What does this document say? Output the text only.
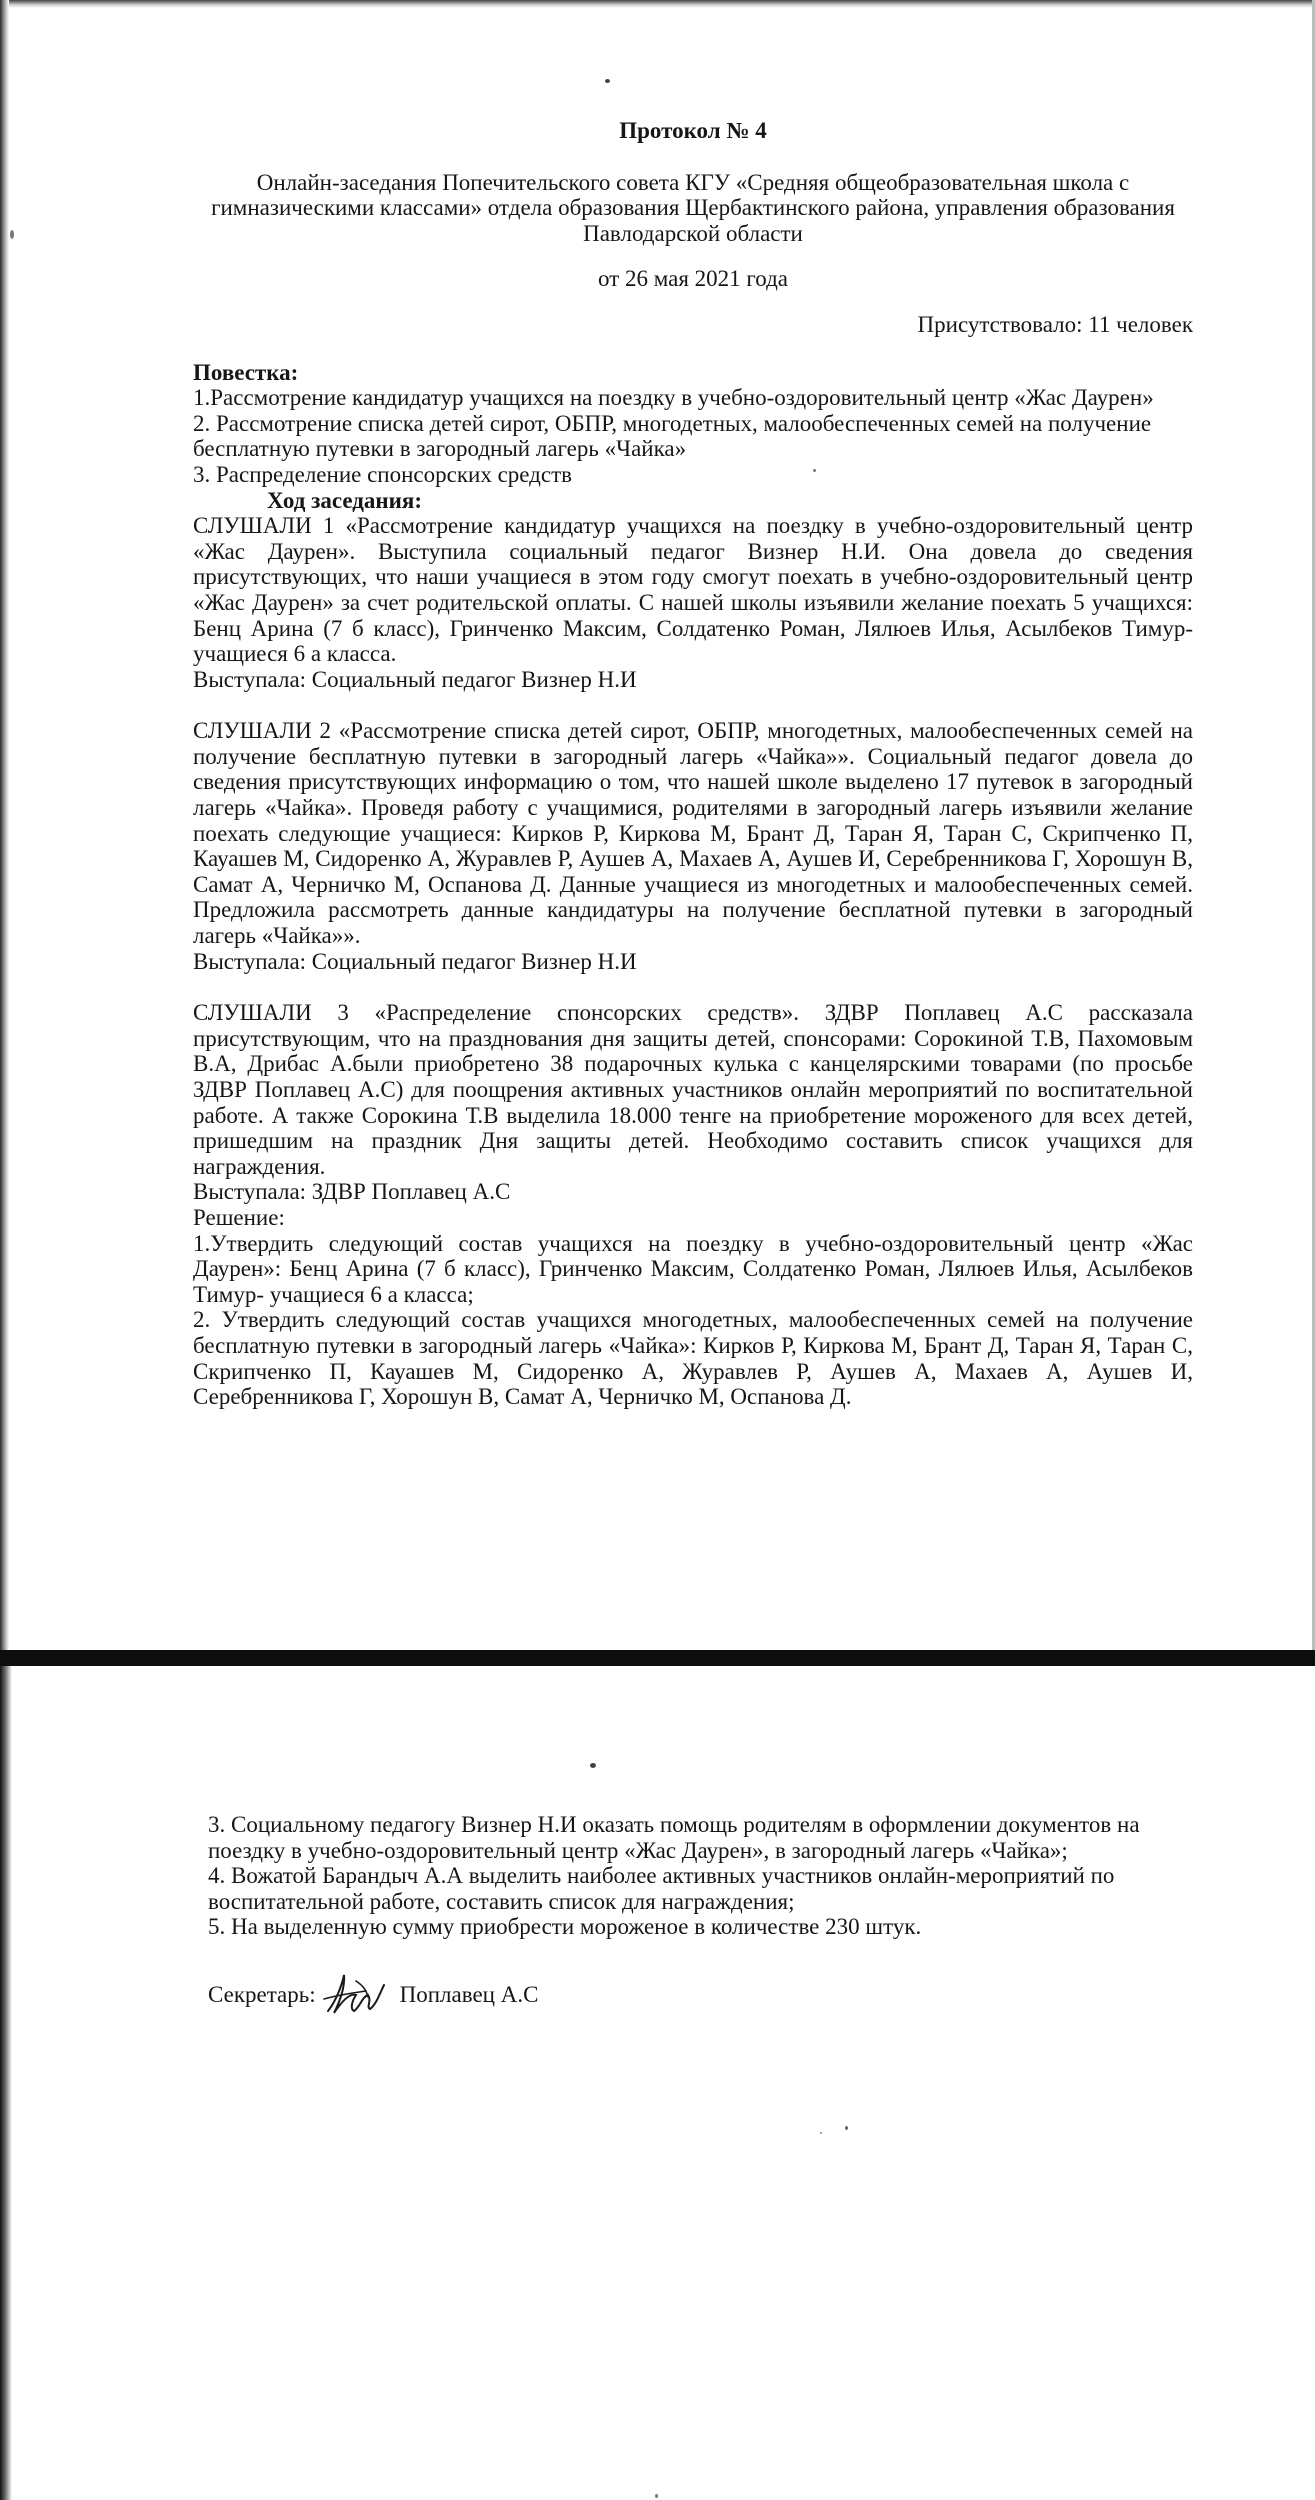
Протокол № 4

Онлайн-заседания Попечительского совета КГУ «Средняя общеобразовательная школа с гимназическими классами» отдела образования Щербактинского района, управления образования Павлодарской области

от 26 мая 2021 года

Присутствовало: 11 человек

Повестка:

1.Рассмотрение кандидатур учащихся на поездку в учебно-оздоровительный центр «Жас Даурен»

2. Рассмотрение списка детей сирот, ОБПР, многодетных, малообеспеченных семей на получение бесплатную путевки в загородный лагерь «Чайка»

3. Распределение спонсорских средств

Ход заседания:

СЛУШАЛИ 1 «Рассмотрение кандидатур учащихся на поездку в учебно-оздоровительный центр «Жас Даурен». Выступила социальный педагог Визнер Н.И. Она довела до сведения присутствующих, что наши учащиеся в этом году смогут поехать в учебно-оздоровительный центр «Жас Даурен» за счет родительской оплаты. С нашей школы изъявили желание поехать 5 учащихся: Бенц Арина (7 б класс), Гринченко Максим, Солдатенко Роман, Лялюев Илья, Асылбеков Тимур- учащиеся 6 а класса.

Выступала: Социальный педагог Визнер Н.И

СЛУШАЛИ 2 «Рассмотрение списка детей сирот, ОБПР, многодетных, малообеспеченных семей на получение бесплатную путевки в загородный лагерь «Чайка»». Социальный педагог довела до сведения присутствующих информацию о том, что нашей школе выделено 17 путевок в загородный лагерь «Чайка». Проведя работу с учащимися, родителями в загородный лагерь изъявили желание поехать следующие учащиеся: Кирков Р, Киркова М, Брант Д, Таран Я, Таран С, Скрипченко П, Кауашев М, Сидоренко А, Журавлев Р, Аушев А, Махаев А, Аушев И, Серебренникова Г, Хорошун В, Самат А, Черничко М, Оспанова Д. Данные учащиеся из многодетных и малообеспеченных семей. Предложила рассмотреть данные кандидатуры на получение бесплатной путевки в загородный лагерь «Чайка»».

Выступала: Социальный педагог Визнер Н.И

СЛУШАЛИ 3 «Распределение спонсорских средств». ЗДВР Поплавец А.С рассказала присутствующим, что на празднования дня защиты детей, спонсорами: Сорокиной Т.В, Пахомовым В.А, Дрибас А.были приобретено 38 подарочных кулька с канцелярскими товарами (по просьбе ЗДВР Поплавец А.С) для поощрения активных участников онлайн мероприятий по воспитательной работе. А также Сорокина Т.В выделила 18.000 тенге на приобретение мороженого для всех детей, пришедшим на праздник Дня защиты детей. Необходимо составить список учащихся для награждения.

Выступала: ЗДВР Поплавец А.С

Решение:

1.Утвердить следующий состав учащихся на поездку в учебно-оздоровительный центр «Жас Даурен»: Бенц Арина (7 б класс), Гринченко Максим, Солдатенко Роман, Лялюев Илья, Асылбеков Тимур- учащиеся 6 а класса;

2. Утвердить следующий состав учащихся многодетных, малообеспеченных семей на получение бесплатную путевки в загородный лагерь «Чайка»: Кирков Р, Киркова М, Брант Д, Таран Я, Таран С, Скрипченко П, Кауашев М, Сидоренко А, Журавлев Р, Аушев А, Махаев А, Аушев И, Серебренникова Г, Хорошун В, Самат А, Черничко М, Оспанова Д.

3. Социальному педагогу Визнер Н.И оказать помощь родителям в оформлении документов на поездку в учебно-оздоровительный центр «Жас Даурен», в загородный лагерь «Чайка»;

4. Вожатой Барандыч А.А выделить наиболее активных участников онлайн-мероприятий по воспитательной работе, составить список для награждения;

5. На выделенную сумму приобрести мороженое в количестве 230 штук.

Секретарь:	Поплавец А.С
